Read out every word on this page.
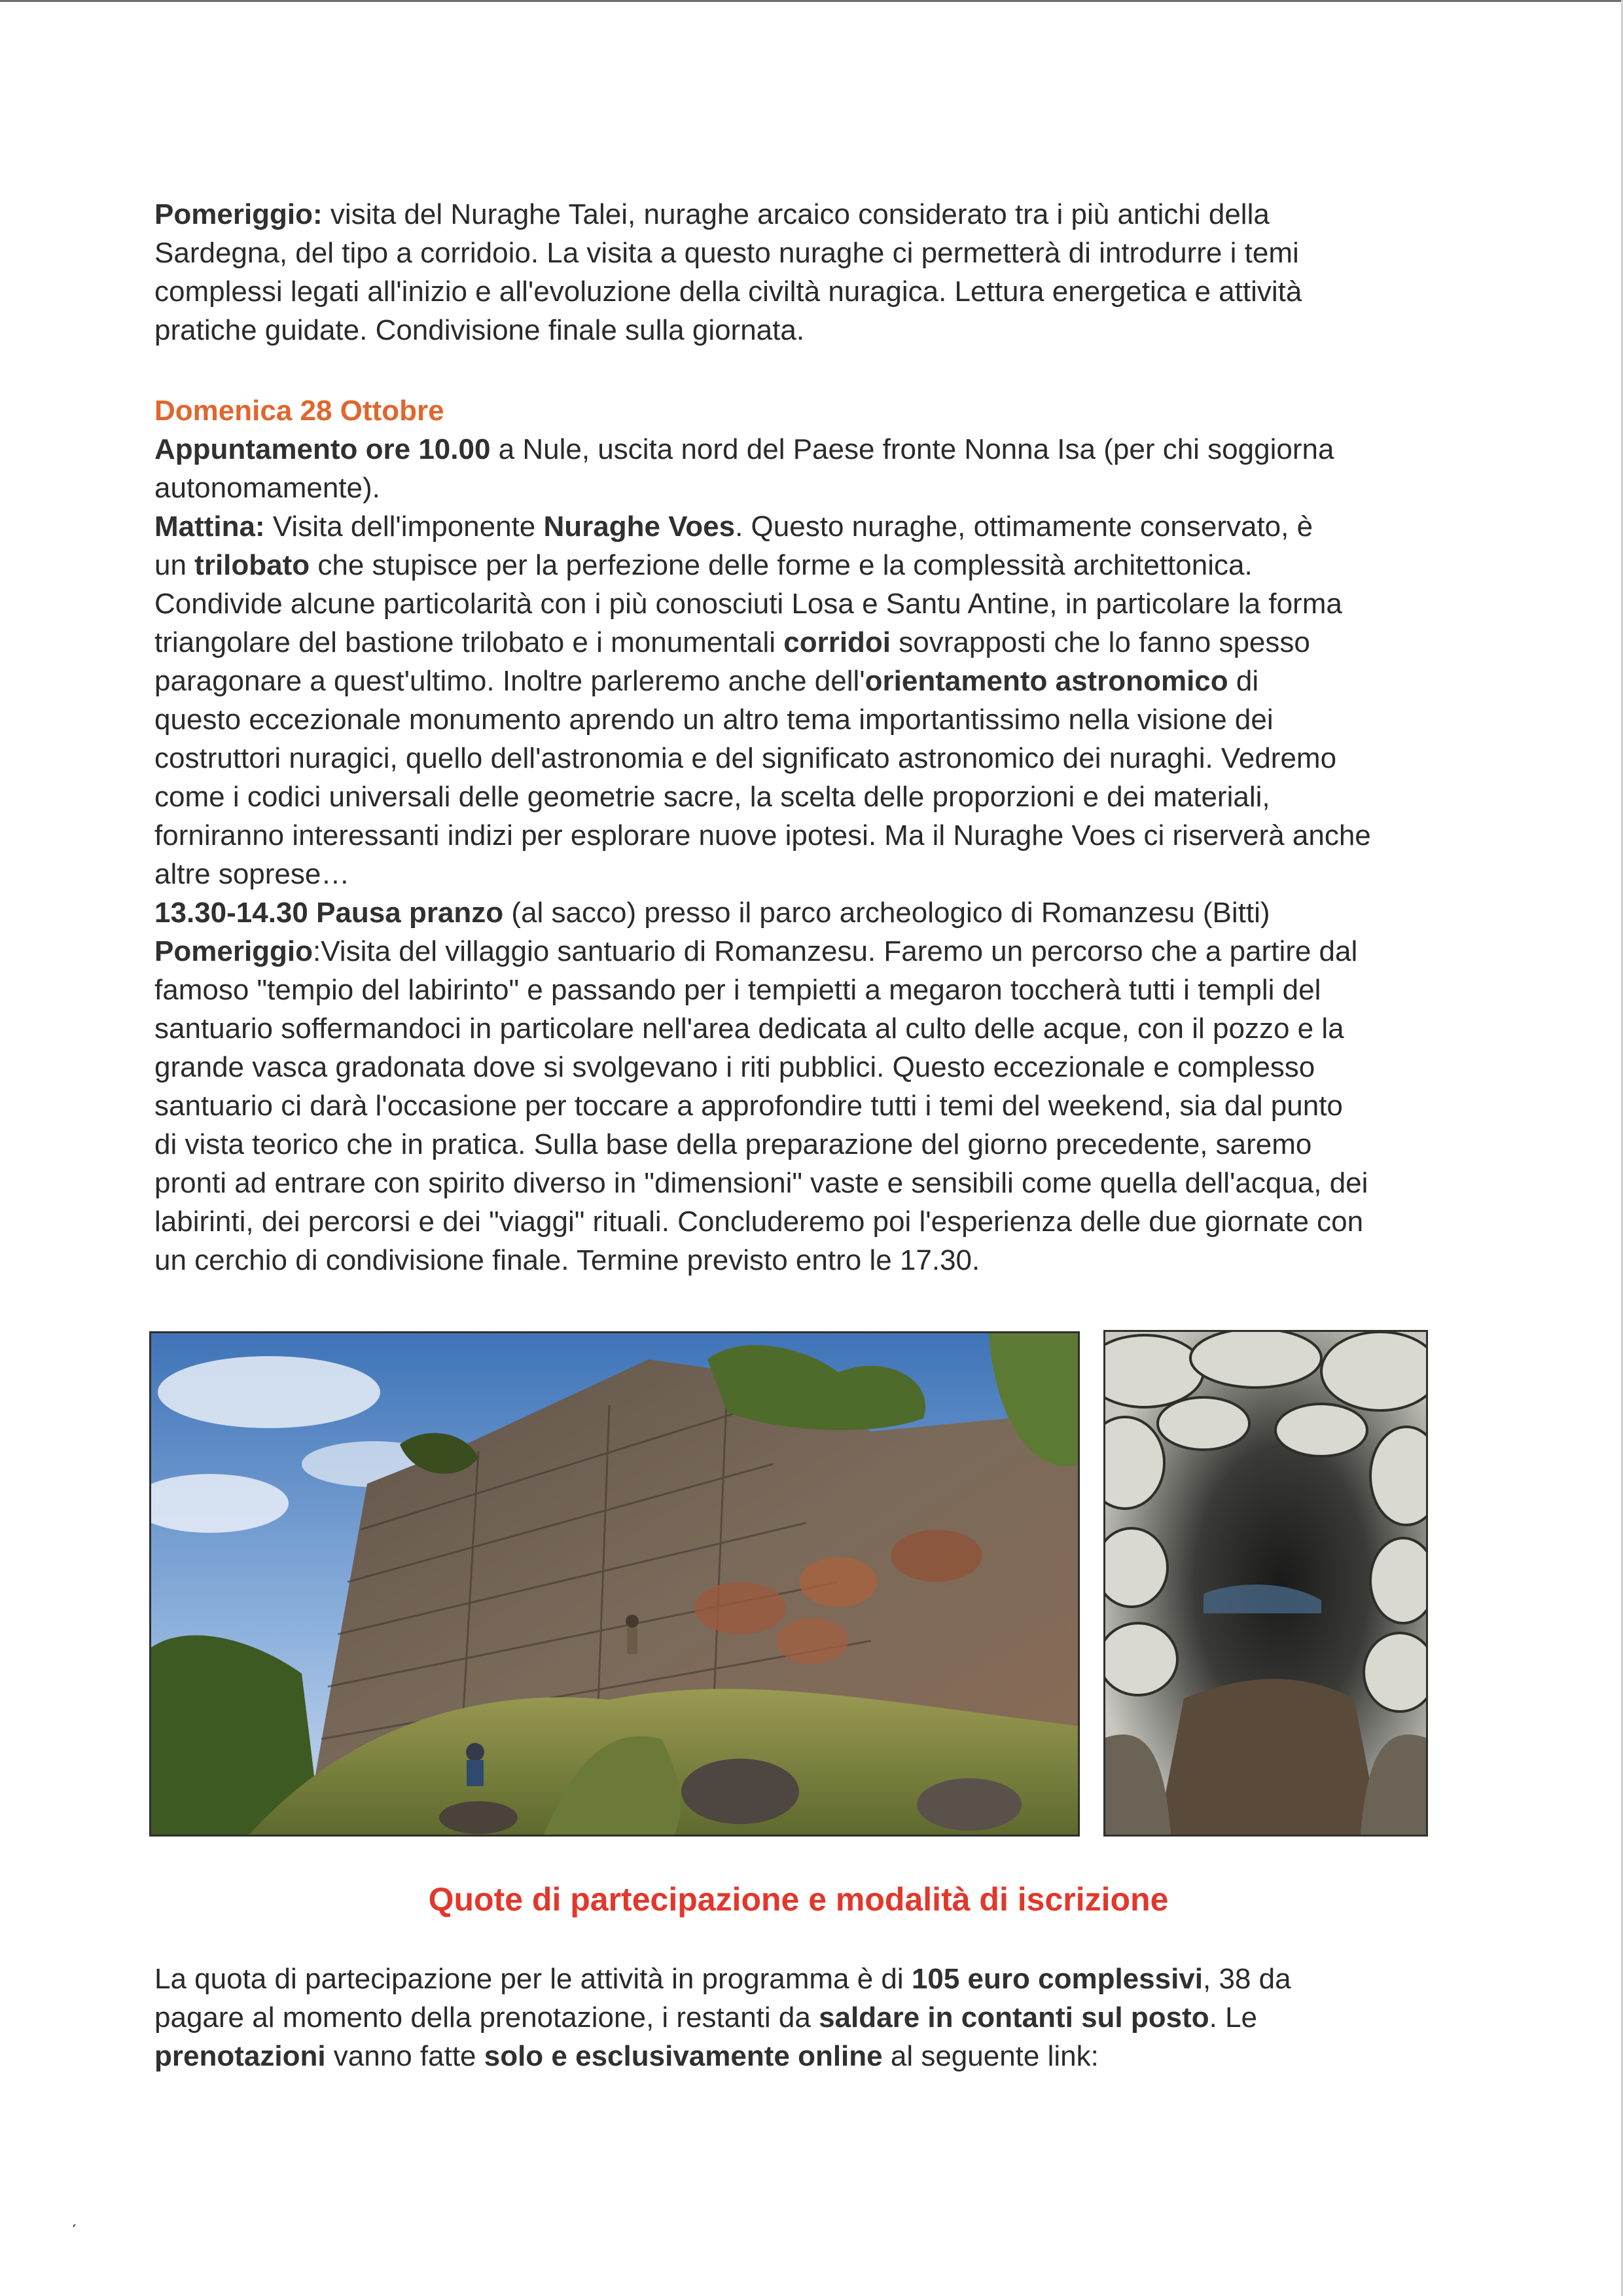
Pomeriggio: visita del Nuraghe Talei, nuraghe arcaico considerato tra i più antichi della

Sardegna, del tipo a corridoio. La visita a questo nuraghe ci permetterà di introdurre i temi

complessi legati all'inizio e all'evoluzione della civiltà nuragica. Lettura energetica e attività

pratiche guidate. Condivisione finale sulla giornata.

Domenica 28 Ottobre

Appuntamento ore 10.00 a Nule, uscita nord del Paese fronte Nonna Isa (per chi soggiorna

autonomamente).

Mattina: Visita dell'imponente Nuraghe Voes. Questo nuraghe, ottimamente conservato, è

un trilobato che stupisce per la perfezione delle forme e la complessità architettonica.

Condivide alcune particolarità con i più conosciuti Losa e Santu Antine, in particolare la forma

triangolare del bastione trilobato e i monumentali corridoi sovrapposti che lo fanno spesso

paragonare a quest'ultimo. Inoltre parleremo anche dell'orientamento astronomico di

questo eccezionale monumento aprendo un altro tema importantissimo nella visione dei

costruttori nuragici, quello dell'astronomia e del significato astronomico dei nuraghi. Vedremo

come i codici universali delle geometrie sacre, la scelta delle proporzioni e dei materiali,

forniranno interessanti indizi per esplorare nuove ipotesi. Ma il Nuraghe Voes ci riserverà anche

altre soprese…

13.30-14.30 Pausa pranzo (al sacco) presso il parco archeologico di Romanzesu (Bitti)

Pomeriggio:Visita del villaggio santuario di Romanzesu. Faremo un percorso che a partire dal

famoso "tempio del labirinto" e passando per i tempietti a megaron toccherà tutti i templi del

santuario soffermandoci in particolare nell'area dedicata al culto delle acque, con il pozzo e la

grande vasca gradonata dove si svolgevano i riti pubblici. Questo eccezionale e complesso

santuario ci darà l'occasione per toccare a approfondire tutti i temi del weekend, sia dal punto

di vista teorico che in pratica. Sulla base della preparazione del giorno precedente, saremo

pronti ad entrare con spirito diverso in "dimensioni" vaste e sensibili come quella dell'acqua, dei

labirinti, dei percorsi e dei "viaggi" rituali. Concluderemo poi l'esperienza delle due giornate con

un cerchio di condivisione finale. Termine previsto entro le 17.30.

Quote di partecipazione e modalità di iscrizione

La quota di partecipazione per le attività in programma è di 105 euro complessivi, 38 da

pagare al momento della prenotazione, i restanti da saldare in contanti sul posto. Le

prenotazioni vanno fatte solo e esclusivamente online al seguente link:

ˏ
